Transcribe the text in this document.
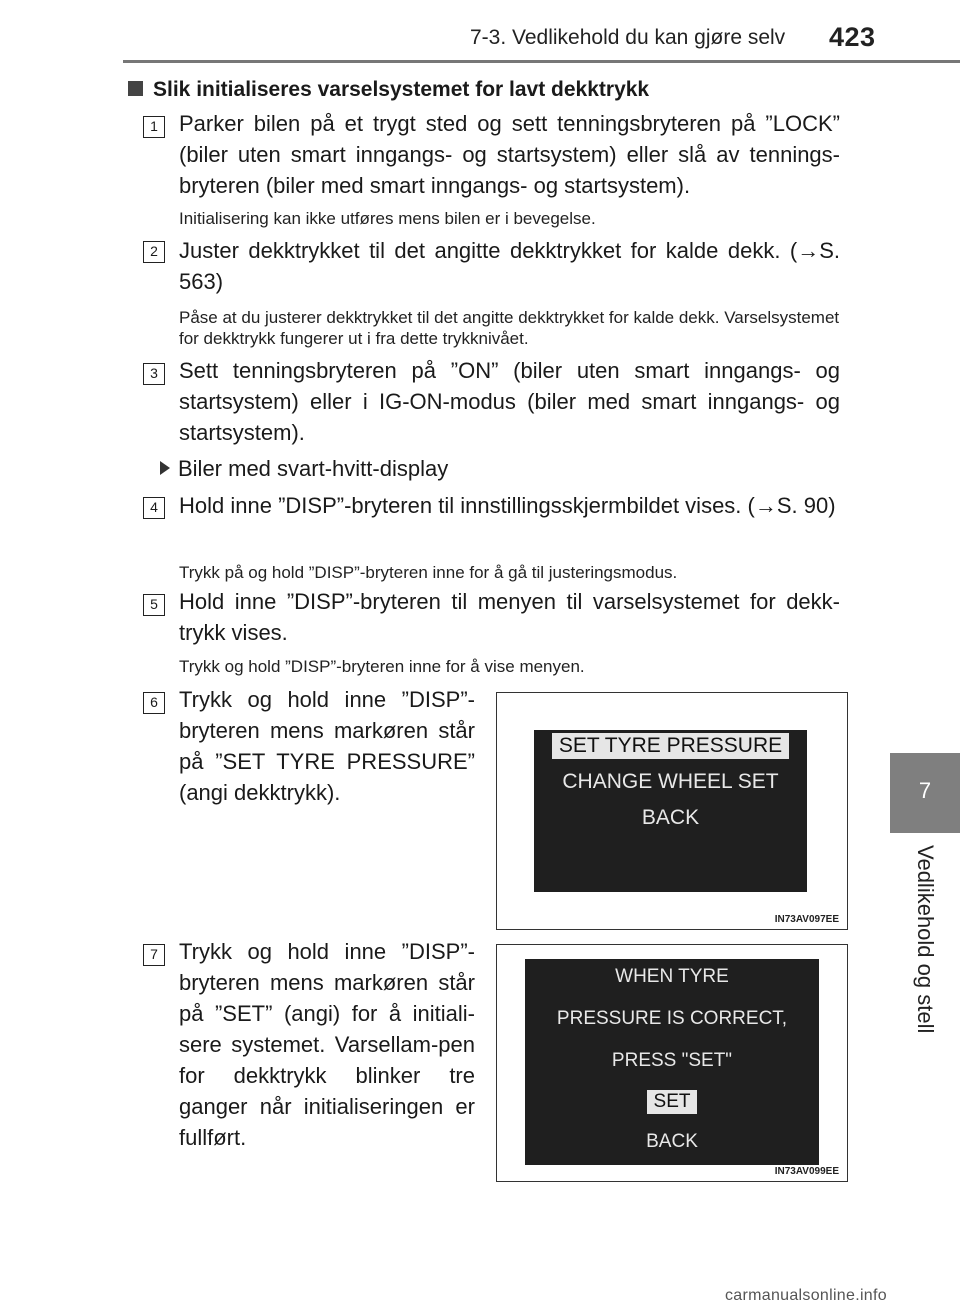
7-3. Vedlikehold du kan gjøre selv 423
7
Vedlikehold og stell
Slik initialiseres varselsystemet for lavt dekktrykk
1 Parker bilen på et trygt sted og sett tenningsbryteren på ”LOCK” (biler uten smart inngangs- og startsystem) eller slå av tennings-bryteren (biler med smart inngangs- og startsystem).
Initialisering kan ikke utføres mens bilen er i bevegelse.
2 Juster dekktrykket til det angitte dekktrykket for kalde dekk. (→S. 563)
Påse at du justerer dekktrykket til det angitte dekktrykket for kalde dekk. Varselsystemet for dekktrykk fungerer ut i fra dette trykknivået.
3 Sett tenningsbryteren på ”ON” (biler uten smart inngangs- og startsystem) eller i IG-ON-modus (biler med smart inngangs- og startsystem).
Biler med svart-hvitt-display
4 Hold inne ”DISP”-bryteren til innstillingsskjermbildet vises. (→S. 90)
Trykk på og hold ”DISP”-bryteren inne for å gå til justeringsmodus.
5 Hold inne ”DISP”-bryteren til menyen til varselsystemet for dekk-trykk vises.
Trykk og hold ”DISP”-bryteren inne for å vise menyen.
6 Trykk og hold inne ”DISP”-bryteren mens markøren står på ”SET TYRE PRESSURE” (angi dekktrykk).
SET TYRE PRESSURE
CHANGE WHEEL SET
BACK
IN73AV097EE
7 Trykk og hold inne ”DISP”-bryteren mens markøren står på ”SET” (angi) for å initiali-sere systemet. Varsellam-pen for dekktrykk blinker tre ganger når initialiseringen er fullført.
WHEN TYRE
PRESSURE IS CORRECT,
PRESS "SET"
SET
BACK
IN73AV099EE
carmanualsonline.info
